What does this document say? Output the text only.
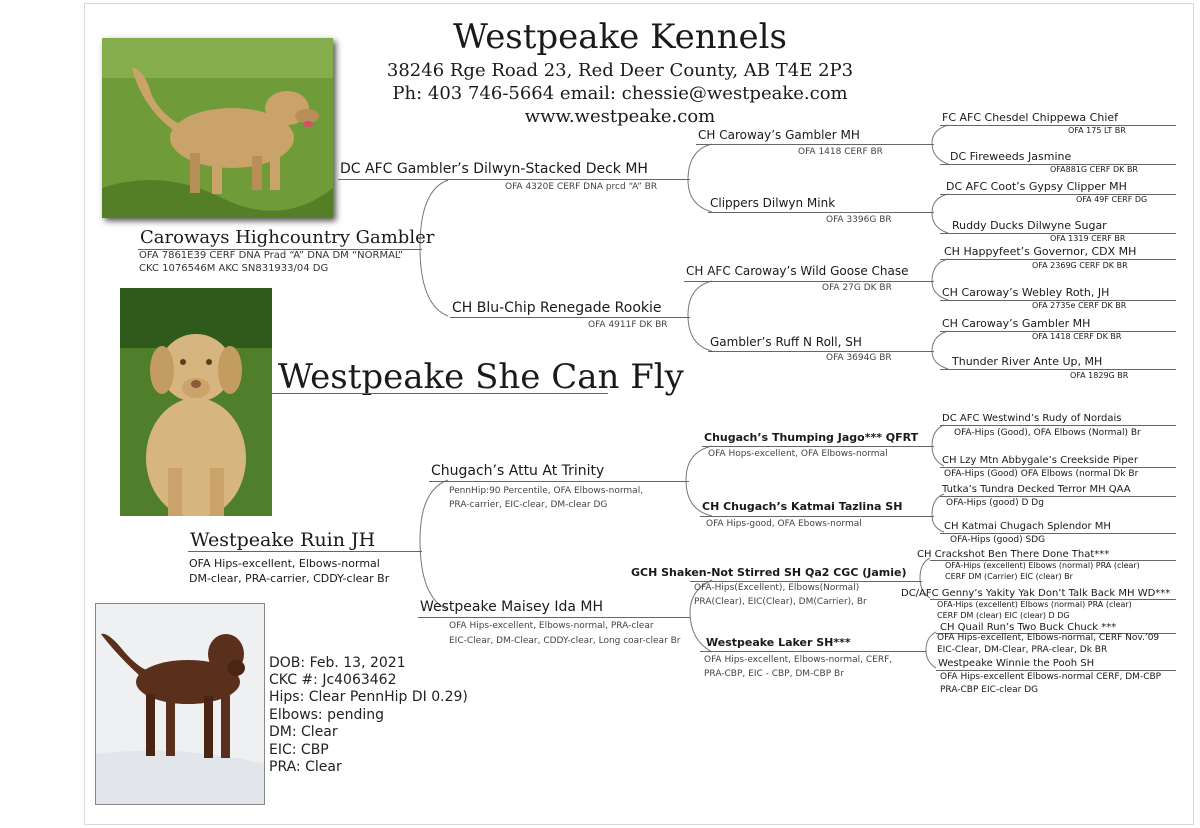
Westpeake Kennels
38246 Rge Road 23, Red Deer County, AB T4E 2P3
Ph: 403 746-5664 email: chessie@westpeake.com
www.westpeake.com
Westpeake She Can Fly
DOB: Feb. 13, 2021
CKC #: Jc4063462
Hips: Clear PennHip DI 0.29)
Elbows: pending
DM: Clear
EIC: CBP
PRA: Clear
Caroways Highcountry Gambler
OFA 7861E39 CERF DNA Prad “A” DNA DM “NORMAL”
CKC 1076546M AKC SN831933/04 DG
Westpeake Ruin JH
OFA Hips-excellent, Elbows-normal
DM-clear, PRA-carrier, CDDY-clear Br
DC AFC Gambler’s Dilwyn-Stacked Deck MH
OFA 4320E CERF DNA prcd “A” BR
CH Blu-Chip Renegade Rookie
OFA 4911F DK BR
Chugach’s Attu At Trinity
PennHip:90 Percentile, OFA Elbows-normal,
PRA-carrier, EIC-clear, DM-clear DG
Westpeake Maisey Ida MH
OFA Hips-excellent, Elbows-normal, PRA-clear
EIC-Clear, DM-Clear, CDDY-clear, Long coar-clear Br
CH Caroway’s Gambler MH
OFA 1418 CERF BR
Clippers Dilwyn Mink
OFA 3396G BR
CH AFC Caroway’s Wild Goose Chase
OFA 27G DK BR
Gambler’s Ruff N Roll, SH
OFA 3694G BR
Chugach’s Thumping Jago*** QFRT
OFA Hops-excellent, OFA Elbows-normal
CH Chugach’s Katmai Tazlina SH
OFA Hips-good, OFA Ebows-normal
GCH Shaken-Not Stirred SH Qa2 CGC (Jamie)
OFA-Hips(Excellent), Elbows(Normal)
PRA(Clear), EIC(Clear), DM(Carrier), Br
Westpeake Laker SH***
OFA Hips-excellent, Elbows-normal, CERF,
PRA-CBP, EIC - CBP, DM-CBP Br
FC AFC Chesdel Chippewa Chief
OFA 175 LT BR
DC Fireweeds Jasmine
OFA881G CERF DK BR
DC AFC Coot’s Gypsy Clipper MH
OFA 49F CERF DG
Ruddy Ducks Dilwyne Sugar
OFA 1319 CERF BR
CH Happyfeet’s Governor, CDX MH
OFA 2369G CERF DK BR
CH Caroway’s Webley Roth, JH
OFA 2735e CERF DK BR
CH Caroway’s Gambler MH
OFA 1418 CERF DK BR
Thunder River Ante Up, MH
OFA 1829G BR
DC AFC Westwind’s Rudy of Nordais
OFA-Hips (Good), OFA Elbows (Normal) Br
CH Lzy Mtn Abbygale’s Creekside Piper
OFA-Hips (Good) OFA Elbows (normal Dk Br
Tutka’s Tundra Decked Terror MH QAA
OFA-Hips (good) D Dg
CH Katmai Chugach Splendor MH
OFA-Hips (good) SDG
CH Crackshot Ben There Done That***
OFA-Hips (excellent) Elbows (normal) PRA (clear)
CERF DM (Carrier) EIC (clear) Br
DC/AFC Genny’s Yakity Yak Don’t Talk Back MH WD***
OFA-Hips (excellent) Elbows (normal) PRA (clear)
CERF DM (clear) EIC (clear) D DG
CH Quail Run’s Two Buck Chuck ***
OFA Hips-excellent, Elbows-normal, CERF Nov.’09
EIC-Clear, DM-Clear, PRA-clear, Dk BR
Westpeake Winnie the Pooh SH
OFA Hips-excellent Elbows-normal CERF, DM-CBP
PRA-CBP EIC-clear DG
